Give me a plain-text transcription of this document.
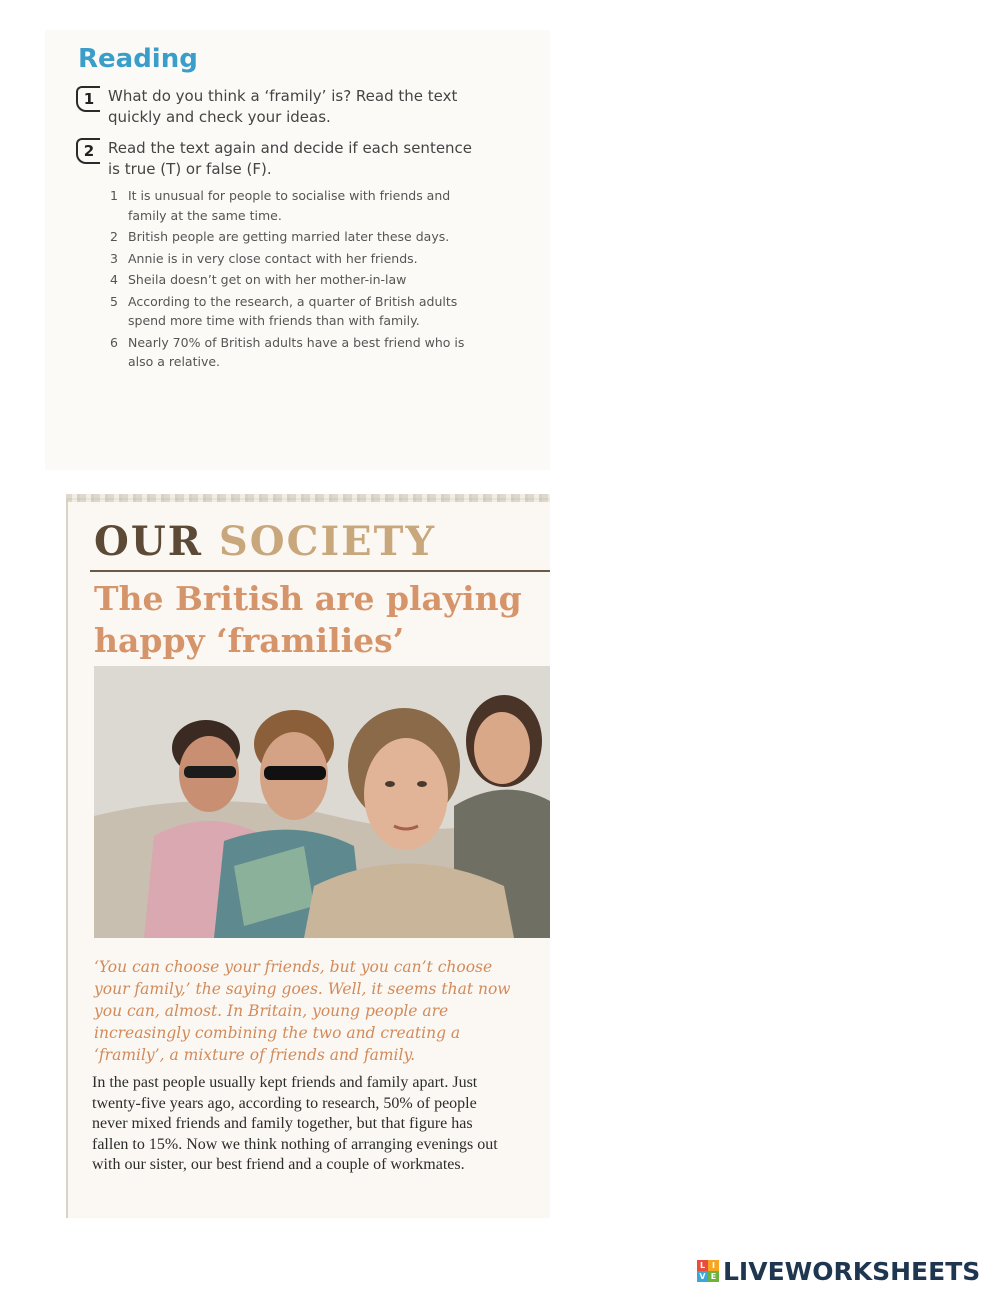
Reading
1 What do you think a ‘framily’ is? Read the text quickly and check your ideas.
2 Read the text again and decide if each sentence is true (T) or false (F).
1 It is unusual for people to socialise with friends and family at the same time.
2 British people are getting married later these days.
3 Annie is in very close contact with her friends.
4 Sheila doesn’t get on with her mother-in-law
5 According to the research, a quarter of British adults spend more time with friends than with family.
6 Nearly 70% of British adults have a best friend who is also a relative.
OUR SOCIETY
The British are playing happy ‘framilies’

‘You can choose your friends, but you can’t choose your family,’ the saying goes. Well, it seems that now you can, almost. In Britain, young people are increasingly combining the two and creating a ‘framily’, a mixture of friends and family.

In the past people usually kept friends and family apart. Just twenty-five years ago, according to research, 50% of people never mixed friends and family together, but that figure has fallen to 15%. Now we think nothing of arranging evenings out with our sister, our best friend and a couple of workmates.

L I
V E LIVEWORKSHEETS
